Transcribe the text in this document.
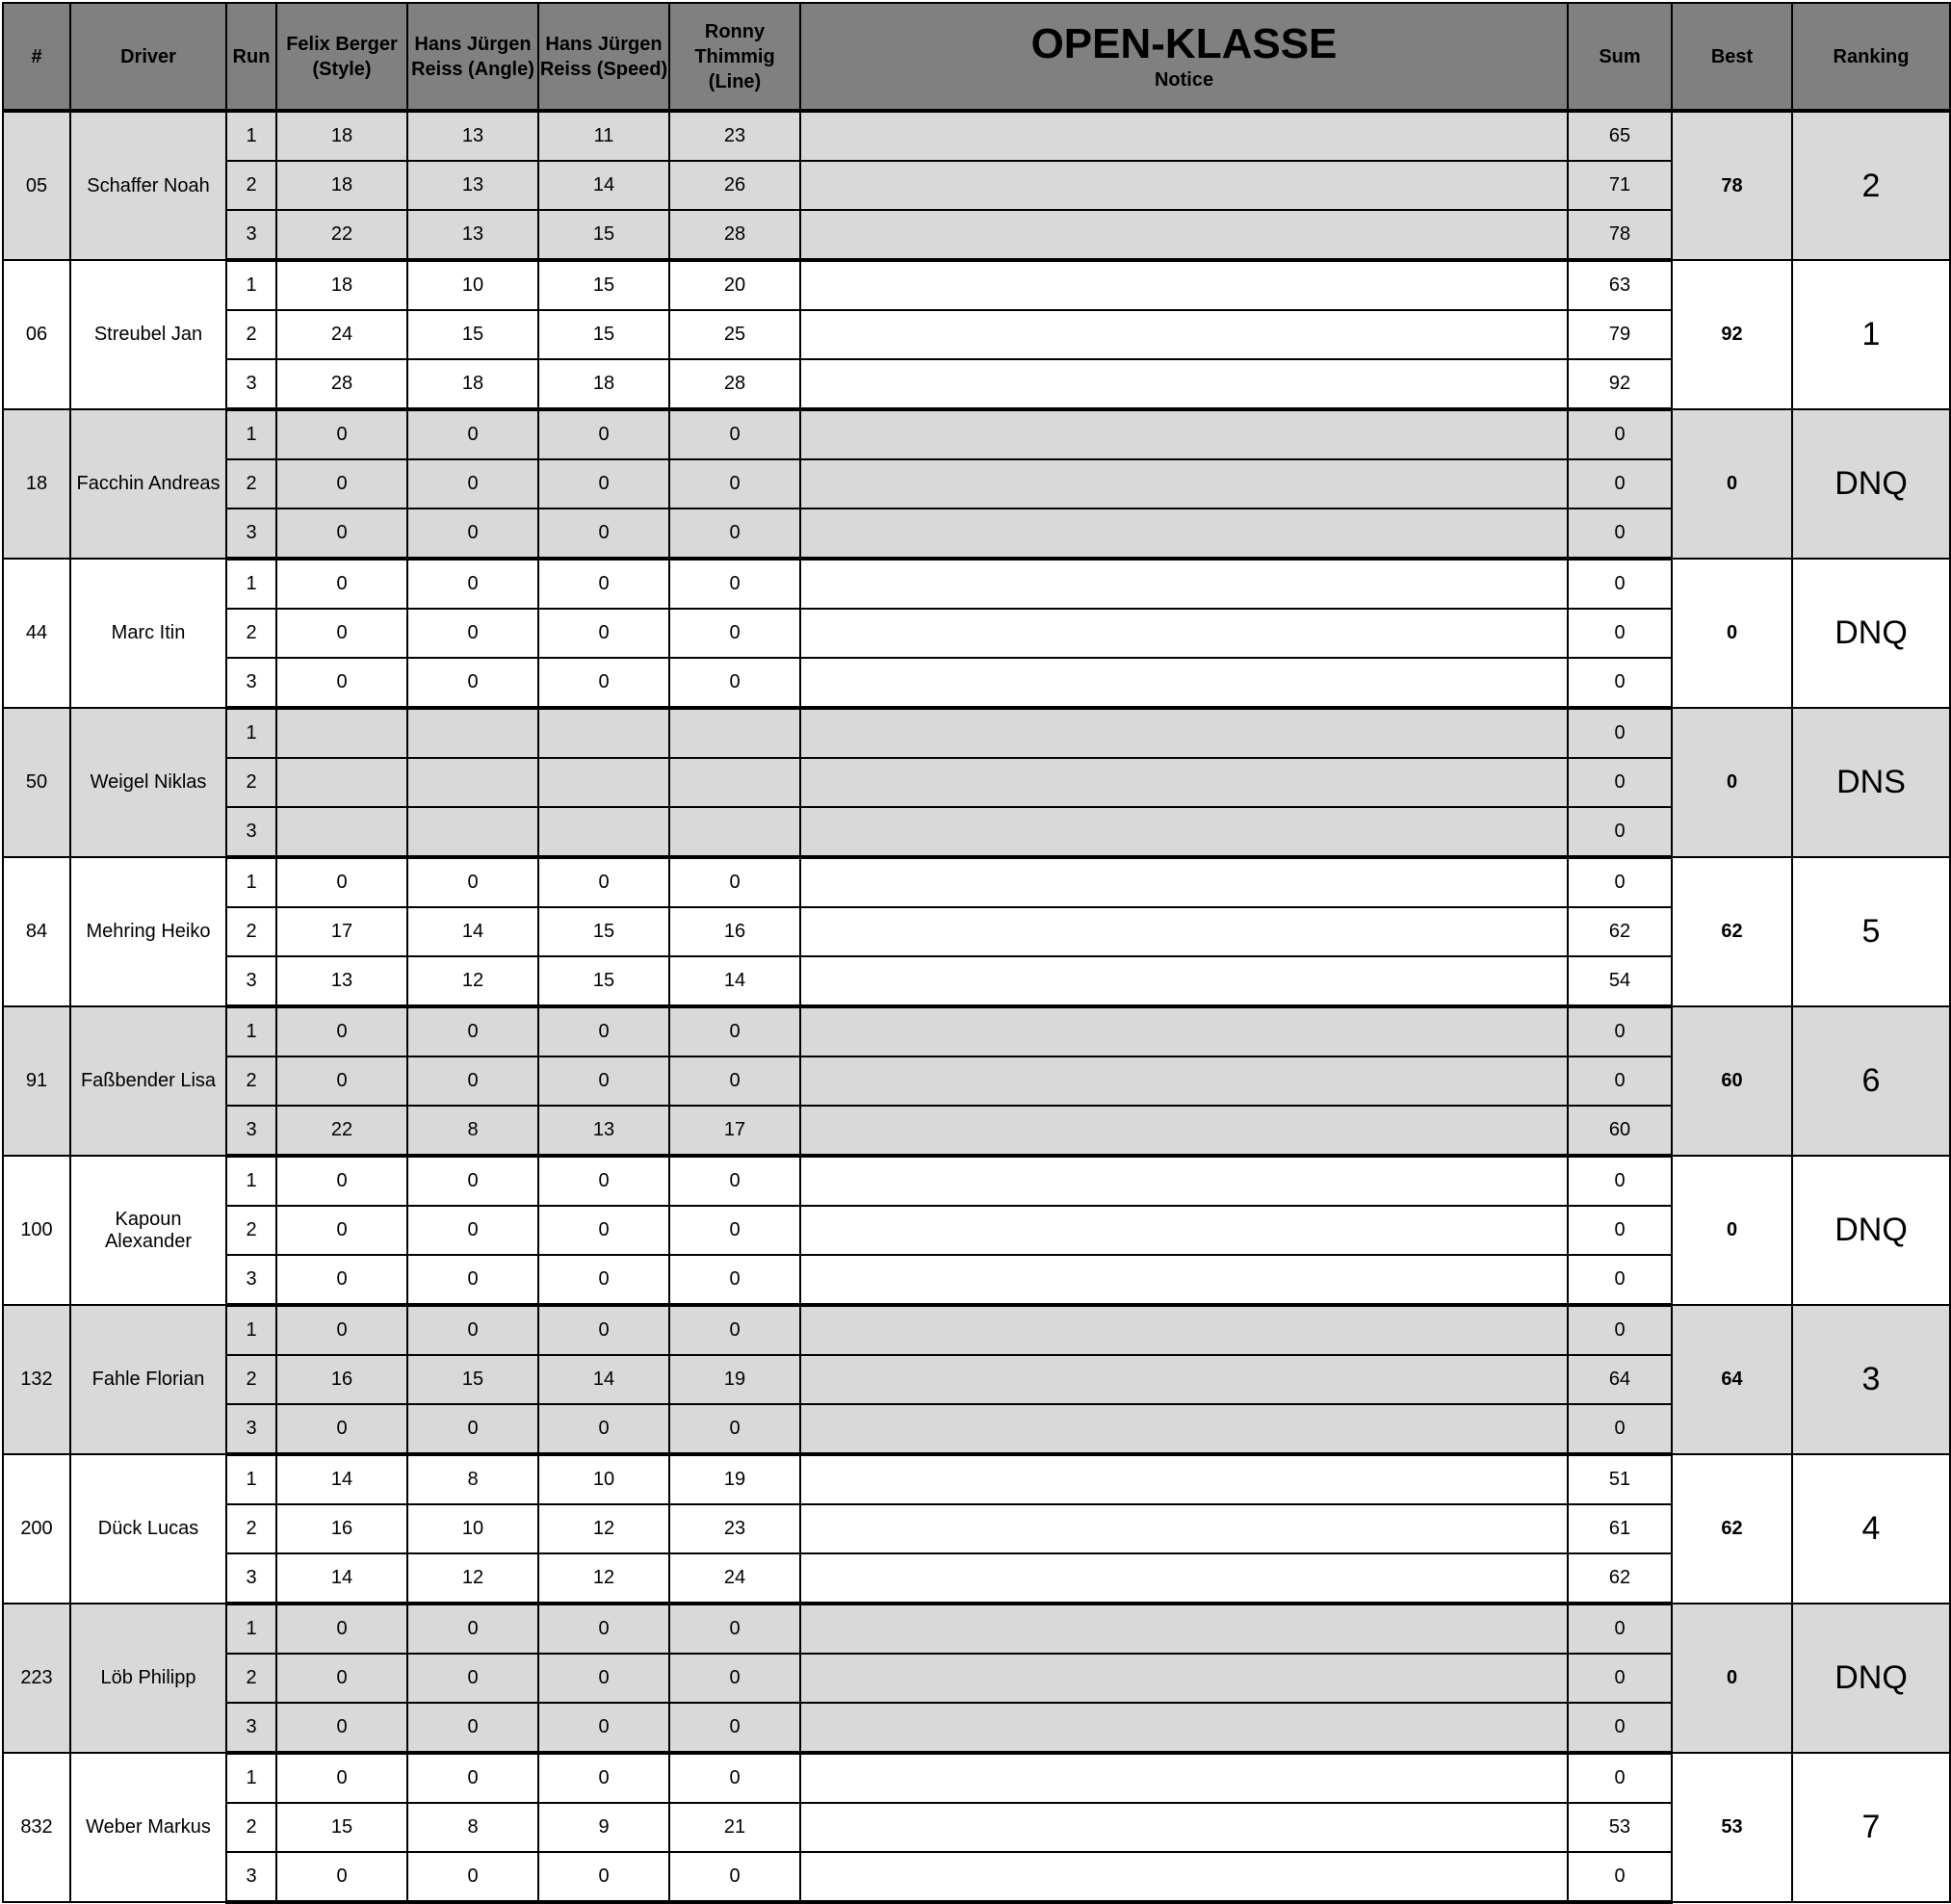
#	Driver	Run	Felix Berger (Style)	Hans Jürgen Reiss (Angle)	Hans Jürgen Reiss (Speed)	Ronny Thimmig (Line)	OPEN-KLASSE
Notice	Sum	Best	Ranking
05	Schaffer Noah	1	18	13	11	23		65	78	2
		2	18	13	14	26		71		
		3	22	13	15	28		78		
06	Streubel Jan	1	18	10	15	20		63	92	1
		2	24	15	15	25		79		
		3	28	18	18	28		92		
18	Facchin Andreas	1	0	0	0	0		0	0	DNQ
		2	0	0	0	0		0		
		3	0	0	0	0		0		
44	Marc Itin	1	0	0	0	0		0	0	DNQ
		2	0	0	0	0		0		
		3	0	0	0	0		0		
50	Weigel Niklas	1						0	0	DNS
		2						0		
		3						0		
84	Mehring Heiko	1	0	0	0	0		0	62	5
		2	17	14	15	16		62		
		3	13	12	15	14		54		
91	Faßbender Lisa	1	0	0	0	0		0	60	6
		2	0	0	0	0		0		
		3	22	8	13	17		60		
100	Kapoun Alexander	1	0	0	0	0		0	0	DNQ
		2	0	0	0	0		0		
		3	0	0	0	0		0		
132	Fahle Florian	1	0	0	0	0		0	64	3
		2	16	15	14	19		64		
		3	0	0	0	0		0		
200	Dück Lucas	1	14	8	10	19		51	62	4
		2	16	10	12	23		61		
		3	14	12	12	24		62		
223	Löb Philipp	1	0	0	0	0		0	0	DNQ
		2	0	0	0	0		0		
		3	0	0	0	0		0		
832	Weber Markus	1	0	0	0	0		0	53	7
		2	15	8	9	21		53		
		3	0	0	0	0		0		
